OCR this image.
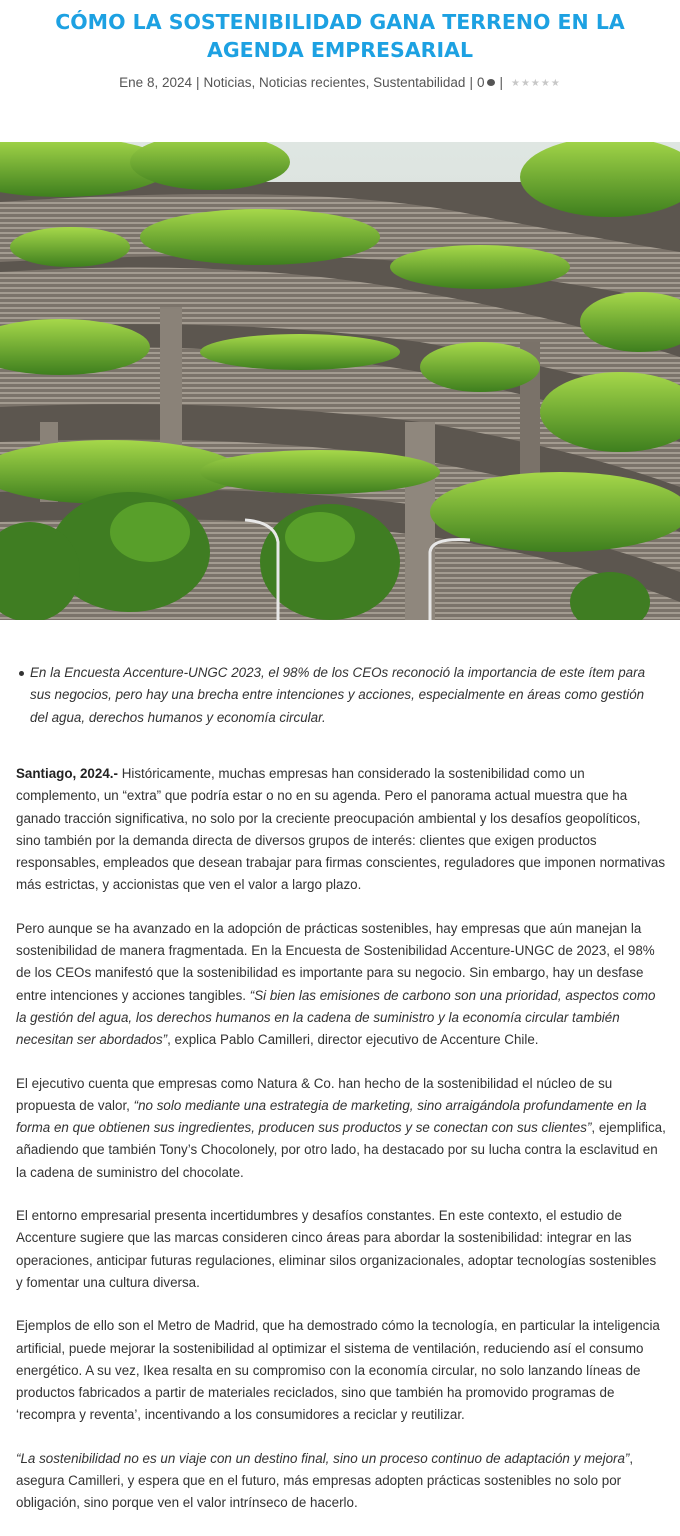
CÓMO LA SOSTENIBILIDAD GANA TERRENO EN LA AGENDA EMPRESARIAL
Ene 8, 2024 | Noticias, Noticias recientes, Sustentabilidad | 0 | ★★★★★
En la Encuesta Accenture-UNGC 2023, el 98% de los CEOs reconoció la importancia de este ítem para sus negocios, pero hay una brecha entre intenciones y acciones, especialmente en áreas como gestión del agua, derechos humanos y economía circular.

Santiago, 2024.- Históricamente, muchas empresas han considerado la sostenibilidad como un complemento, un “extra” que podría estar o no en su agenda. Pero el panorama actual muestra que ha ganado tracción significativa, no solo por la creciente preocupación ambiental y los desafíos geopolíticos, sino también por la demanda directa de diversos grupos de interés: clientes que exigen productos responsables, empleados que desean trabajar para firmas conscientes, reguladores que imponen normativas más estrictas, y accionistas que ven el valor a largo plazo.

Pero aunque se ha avanzado en la adopción de prácticas sostenibles, hay empresas que aún manejan la sostenibilidad de manera fragmentada. En la Encuesta de Sostenibilidad Accenture-UNGC de 2023, el 98% de los CEOs manifestó que la sostenibilidad es importante para su negocio. Sin embargo, hay un desfase entre intenciones y acciones tangibles. “Si bien las emisiones de carbono son una prioridad, aspectos como la gestión del agua, los derechos humanos en la cadena de suministro y la economía circular también necesitan ser abordados”, explica Pablo Camilleri, director ejecutivo de Accenture Chile.

El ejecutivo cuenta que empresas como Natura & Co. han hecho de la sostenibilidad el núcleo de su propuesta de valor, “no solo mediante una estrategia de marketing, sino arraigándola profundamente en la forma en que obtienen sus ingredientes, producen sus productos y se conectan con sus clientes”, ejemplifica, añadiendo que también Tony’s Chocolonely, por otro lado, ha destacado por su lucha contra la esclavitud en la cadena de suministro del chocolate.

El entorno empresarial presenta incertidumbres y desafíos constantes. En este contexto, el estudio de Accenture sugiere que las marcas consideren cinco áreas para abordar la sostenibilidad: integrar en las operaciones, anticipar futuras regulaciones, eliminar silos organizacionales, adoptar tecnologías sostenibles y fomentar una cultura diversa.

Ejemplos de ello son el Metro de Madrid, que ha demostrado cómo la tecnología, en particular la inteligencia artificial, puede mejorar la sostenibilidad al optimizar el sistema de ventilación, reduciendo así el consumo energético. A su vez, Ikea resalta en su compromiso con la economía circular, no solo lanzando líneas de productos fabricados a partir de materiales reciclados, sino que también ha promovido programas de ‘recompra y reventa’, incentivando a los consumidores a reciclar y reutilizar.

“La sostenibilidad no es un viaje con un destino final, sino un proceso continuo de adaptación y mejora”, asegura Camilleri, y espera que en el futuro, más empresas adopten prácticas sostenibles no solo por obligación, sino porque ven el valor intrínseco de hacerlo.
